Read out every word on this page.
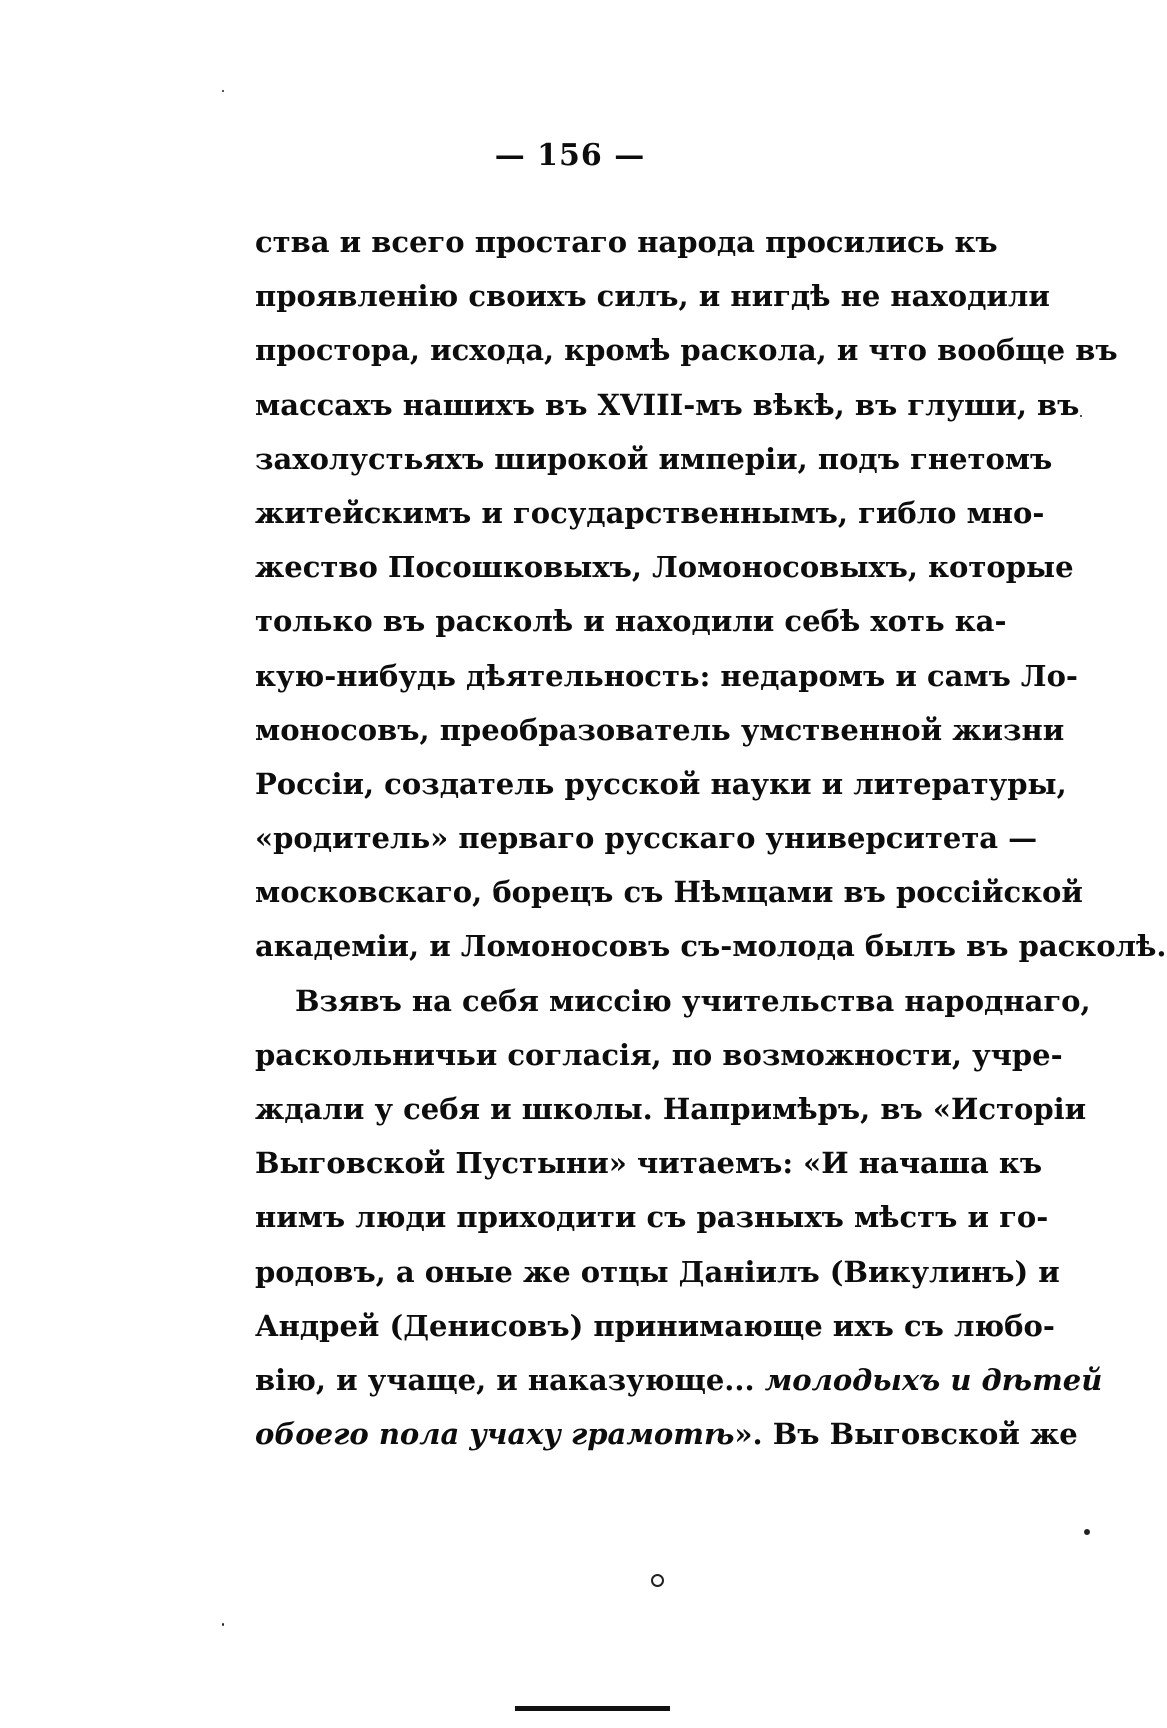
— 156 —
ства и всего простаго народа просились къ
проявленію своихъ силъ, и нигдѣ не находили
простора, исхода, кромѣ раскола, и что вообще въ
массахъ нашихъ въ XVIII-мъ вѣкѣ, въ глуши, въ
захолустьяхъ широкой имперіи, подъ гнетомъ
житейскимъ и государственнымъ, гибло мно-
жество Посошковыхъ, Ломоносовыхъ, которые
только въ расколѣ и находили себѣ хоть ка-
кую-нибудь дѣятельность: недаромъ и самъ Ло-
моносовъ, преобразователь умственной жизни
Россіи, создатель русской науки и литературы,
«родитель» перваго русскаго университета —
московскаго, борецъ съ Нѣмцами въ россійской
академіи, и Ломоносовъ съ-молода былъ въ расколѣ.
Взявъ на себя миссію учительства народнаго,
раскольничьи согласія, по возможности, учре-
ждали у себя и школы. Напримѣръ, въ «Исторіи
Выговской Пустыни» читаемъ: «И начаша къ
нимъ люди приходити съ разныхъ мѣстъ и го-
родовъ, а оные же отцы Даніилъ (Викулинъ) и
Андрей (Денисовъ) принимающе ихъ съ любо-
вію, и учаще, и наказующе... молодыхъ и дѣтей
обоего пола учаху грамотѣ». Въ Выговской же
